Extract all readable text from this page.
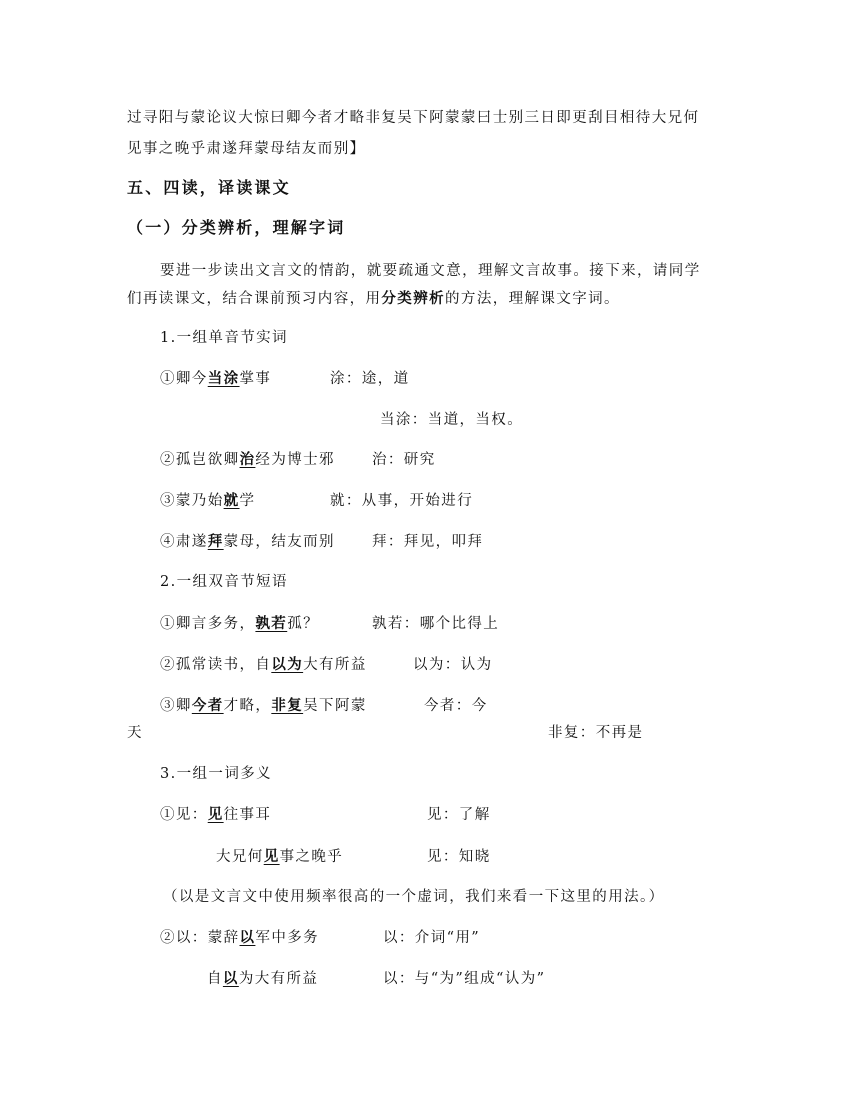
过寻阳与蒙论议大惊曰卿今者才略非复吴下阿蒙蒙曰士别三日即更刮目相待大兄何
见事之晚乎肃遂拜蒙母结友而别】
五、四读，译读课文
（一）分类辨析，理解字词
要进一步读出文言文的情韵，就要疏通文意，理解文言故事。接下来，请同学
们再读课文，结合课前预习内容，用分类辨析的方法，理解课文字词。
1.一组单音节实词
①卿今当涂掌事	涂：途，道
当涂：当道，当权。
②孤岂欲卿治经为博士邪	治：研究
③蒙乃始就学	就：从事，开始进行
④肃遂拜蒙母，结友而别	拜：拜见，叩拜
2.一组双音节短语
①卿言多务，孰若孤？	孰若：哪个比得上
②孤常读书，自以为大有所益	以为：认为
③卿今者才略，非复吴下阿蒙	今者：今
天	非复：不再是
3.一组一词多义
①见：见往事耳	见：了解
大兄何见事之晚乎	见：知晓
（以是文言文中使用频率很高的一个虚词，我们来看一下这里的用法。）
②以：蒙辞以军中多务	以：介词“用”
自以为大有所益	以：与“为”组成“认为”
